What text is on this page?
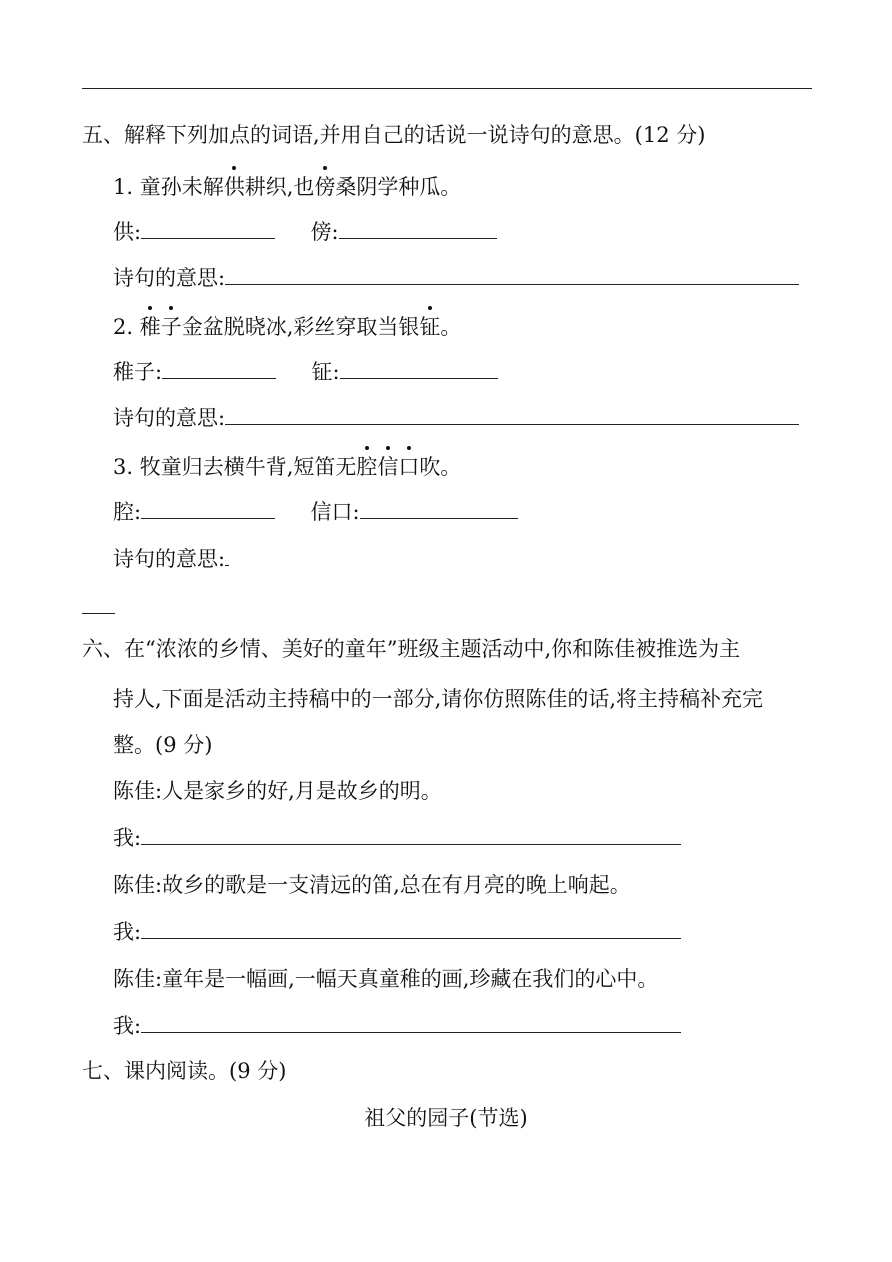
五、解释下列加点的词语,并用自己的话说一说诗句的意思。(12 分)
1. 童孙未解供耕织,也傍桑阴学种瓜。
供:	傍:
诗句的意思:
2. 稚子金盆脱晓冰,彩丝穿取当银钲。
稚子:	钲:
诗句的意思:
3. 牧童归去横牛背,短笛无腔信口吹。
腔:	信口:
诗句的意思:
六、在“浓浓的乡情、美好的童年”班级主题活动中,你和陈佳被推选为主
持人,下面是活动主持稿中的一部分,请你仿照陈佳的话,将主持稿补充完
整。(9 分)
陈佳:人是家乡的好,月是故乡的明。
我:
陈佳:故乡的歌是一支清远的笛,总在有月亮的晚上响起。
我:
陈佳:童年是一幅画,一幅天真童稚的画,珍藏在我们的心中。
我:
七、课内阅读。(9 分)
祖父的园子(节选)
